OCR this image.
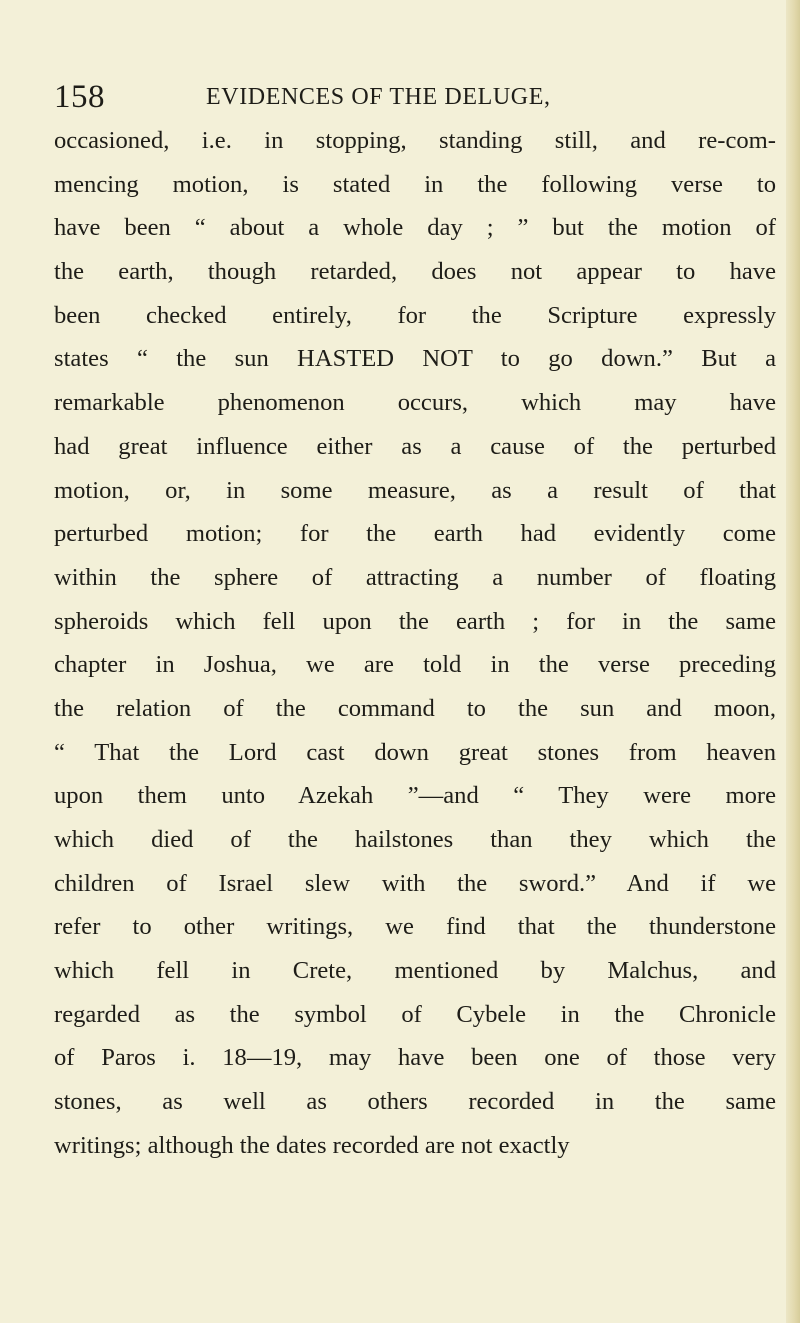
158	EVIDENCES OF THE DELUGE,
occasioned, i.e. in stopping, standing still, and re-com-
mencing motion, is stated in the following verse to
have been “ about a whole day ; ” but the motion of
the earth, though retarded, does not appear to have
been checked entirely, for the Scripture expressly
states “ the sun HASTED NOT to go down.” But a
remarkable phenomenon occurs, which may have
had great influence either as a cause of the perturbed
motion, or, in some measure, as a result of that
perturbed motion; for the earth had evidently come
within the sphere of attracting a number of floating
spheroids which fell upon the earth ; for in the same
chapter in Joshua, we are told in the verse preceding
the relation of the command to the sun and moon,
“ That the Lord cast down great stones from heaven
upon them unto Azekah ”—and “ They were more
which died of the hailstones than they which the
children of Israel slew with the sword.” And if we
refer to other writings, we find that the thunderstone
which fell in Crete, mentioned by Malchus, and
regarded as the symbol of Cybele in the Chronicle
of Paros i. 18—19, may have been one of those very
stones, as well as others recorded in the same
writings; although the dates recorded are not exactly
